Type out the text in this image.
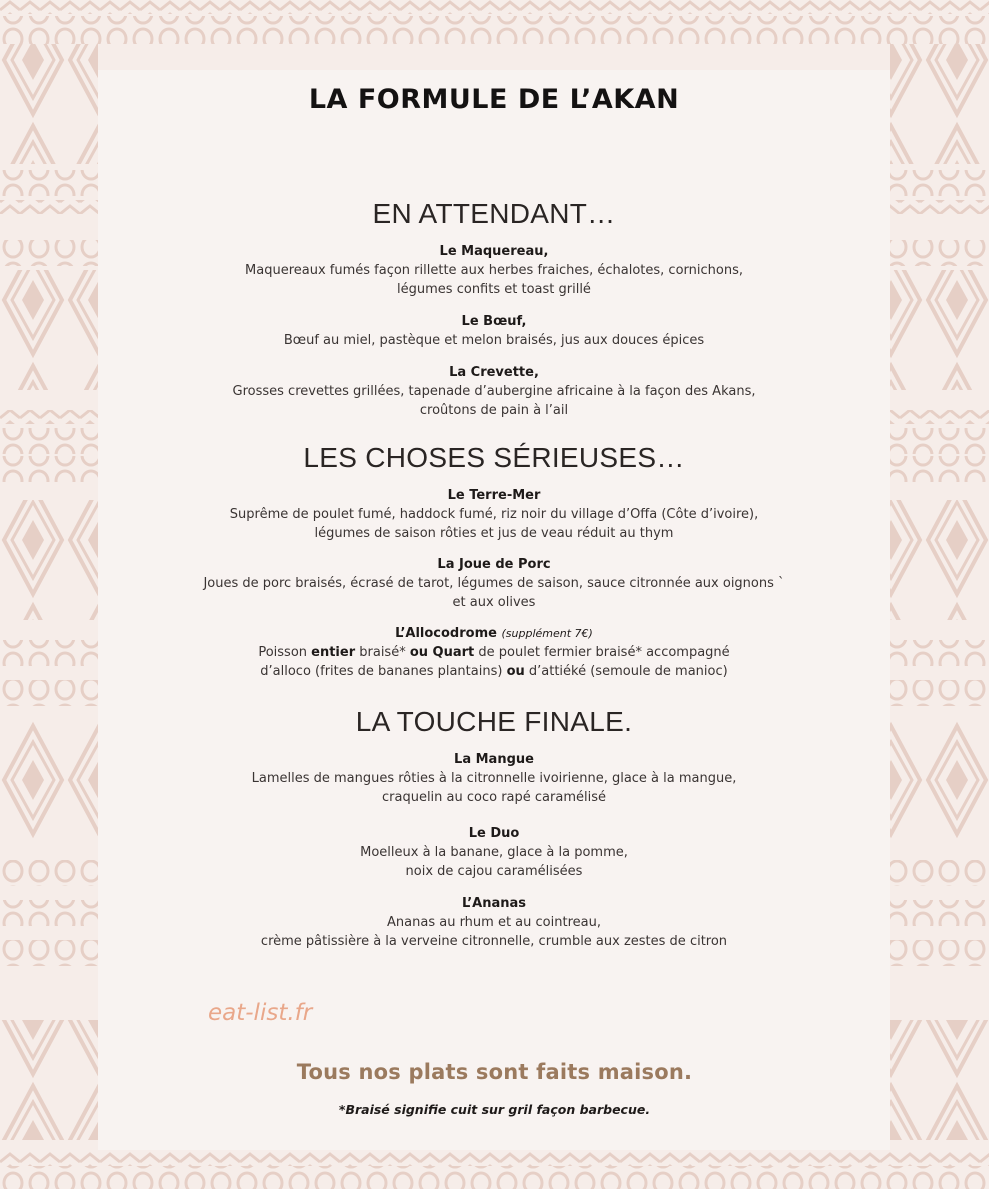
LA FORMULE DE L’AKAN
EN ATTENDANT…
Le Maquereau,
Maquereaux fumés façon rillette aux herbes fraiches, échalotes, cornichons,
légumes confits et toast grillé
Le Bœuf,
Bœuf au miel, pastèque et melon braisés, jus aux douces épices
La Crevette,
Grosses crevettes grillées, tapenade d’aubergine africaine à la façon des Akans,
croûtons de pain à l’ail
LES CHOSES SÉRIEUSES…
Le Terre-Mer
Suprême de poulet fumé, haddock fumé, riz noir du village d’Offa (Côte d’ivoire),
légumes de saison rôties et jus de veau réduit au thym
La Joue de Porc
Joues de porc braisés, écrasé de tarot, légumes de saison, sauce citronnée aux oignons `
et aux olives
L’Allocodrome (supplément 7€)
Poisson entier braisé* ou Quart de poulet fermier braisé* accompagné
d’alloco (frites de bananes plantains) ou d’attiéké (semoule de manioc)
LA TOUCHE FINALE.
La Mangue
Lamelles de mangues rôties à la citronnelle ivoirienne, glace à la mangue,
craquelin au coco rapé caramélisé
Le Duo
Moelleux à la banane, glace à la pomme,
noix de cajou caramélisées
L’Ananas
Ananas au rhum et au cointreau,
crème pâtissière à la verveine citronnelle, crumble aux zestes de citron
eat-list.fr
Tous nos plats sont faits maison.
*Braisé signifie cuit sur gril façon barbecue.
